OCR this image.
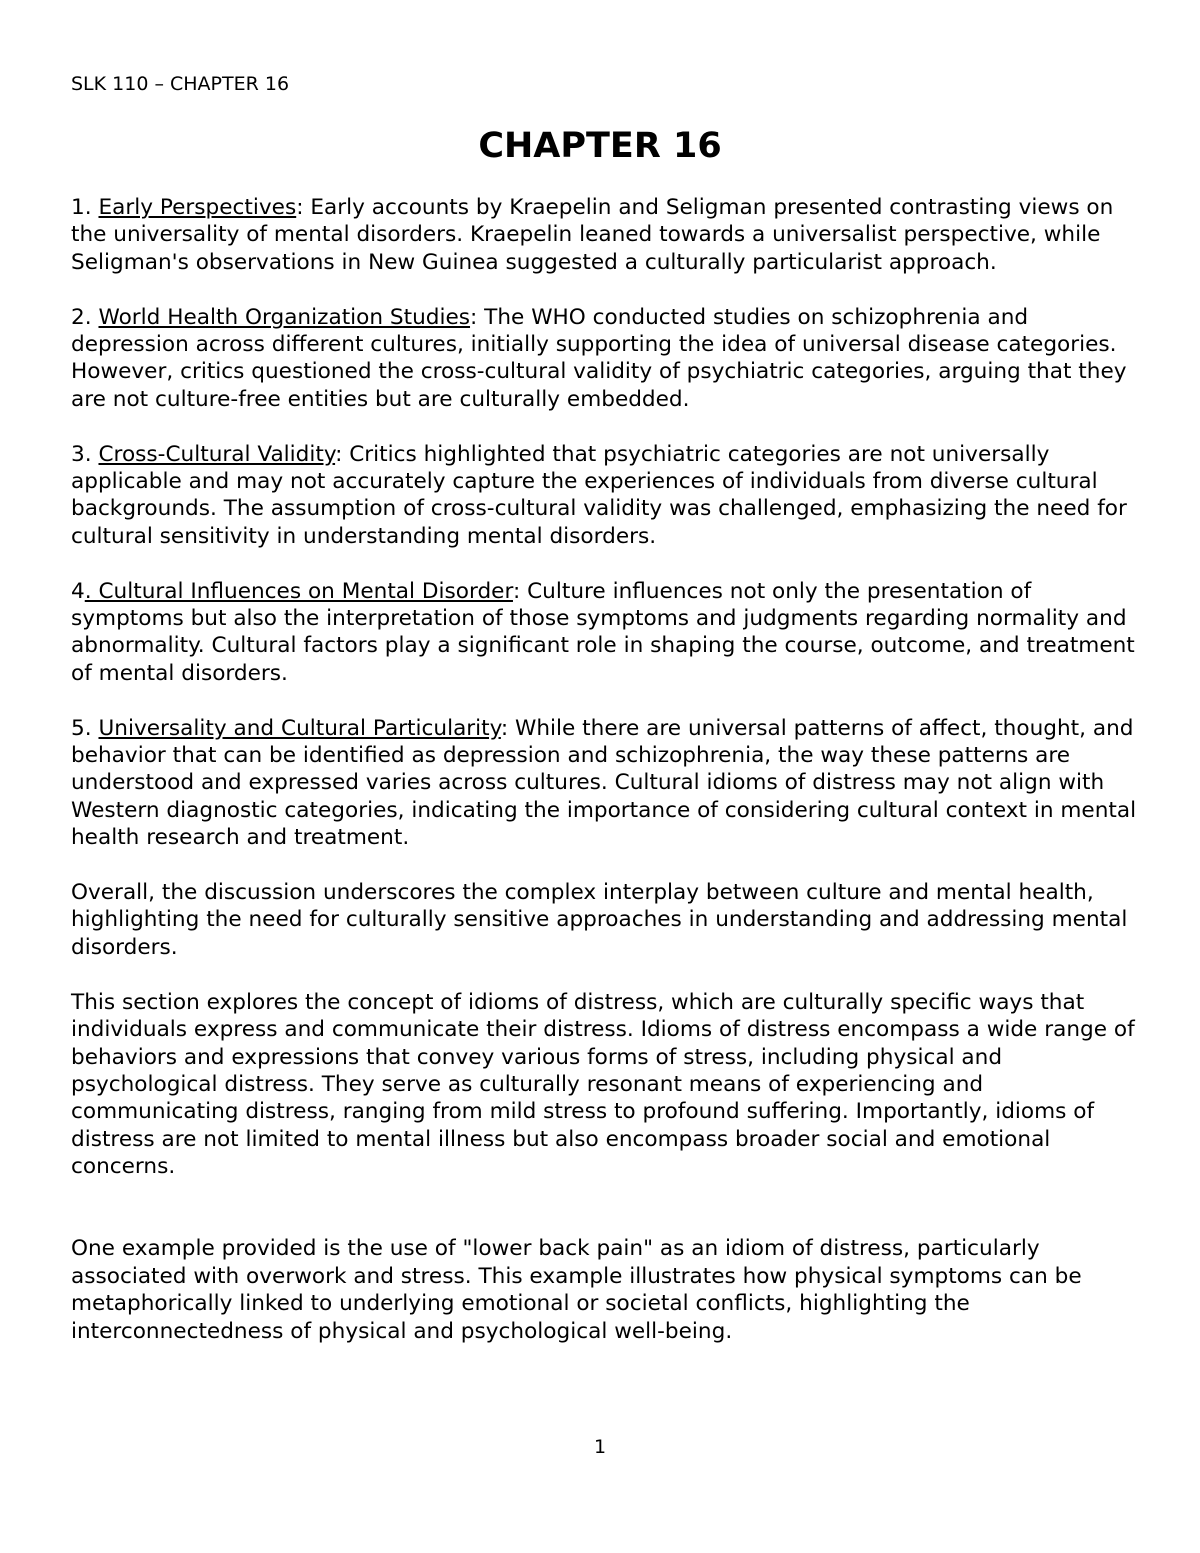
SLK 110 – CHAPTER 16
CHAPTER 16

1. Early Perspectives: Early accounts by Kraepelin and Seligman presented contrasting views on the universality of mental disorders. Kraepelin leaned towards a universalist perspective, while Seligman's observations in New Guinea suggested a culturally particularist approach.

2. World Health Organization Studies: The WHO conducted studies on schizophrenia and depression across different cultures, initially supporting the idea of universal disease categories. However, critics questioned the cross-cultural validity of psychiatric categories, arguing that they are not culture-free entities but are culturally embedded.

3. Cross-Cultural Validity: Critics highlighted that psychiatric categories are not universally applicable and may not accurately capture the experiences of individuals from diverse cultural backgrounds. The assumption of cross-cultural validity was challenged, emphasizing the need for cultural sensitivity in understanding mental disorders.

4. Cultural Influences on Mental Disorder: Culture influences not only the presentation of symptoms but also the interpretation of those symptoms and judgments regarding normality and abnormality. Cultural factors play a significant role in shaping the course, outcome, and treatment of mental disorders.

5. Universality and Cultural Particularity: While there are universal patterns of affect, thought, and behavior that can be identified as depression and schizophrenia, the way these patterns are understood and expressed varies across cultures. Cultural idioms of distress may not align with Western diagnostic categories, indicating the importance of considering cultural context in mental health research and treatment.

Overall, the discussion underscores the complex interplay between culture and mental health, highlighting the need for culturally sensitive approaches in understanding and addressing mental disorders.

This section explores the concept of idioms of distress, which are culturally specific ways that individuals express and communicate their distress. Idioms of distress encompass a wide range of behaviors and expressions that convey various forms of stress, including physical and psychological distress. They serve as culturally resonant means of experiencing and communicating distress, ranging from mild stress to profound suffering. Importantly, idioms of distress are not limited to mental illness but also encompass broader social and emotional concerns.

One example provided is the use of "lower back pain" as an idiom of distress, particularly associated with overwork and stress. This example illustrates how physical symptoms can be metaphorically linked to underlying emotional or societal conflicts, highlighting the interconnectedness of physical and psychological well-being.

1
